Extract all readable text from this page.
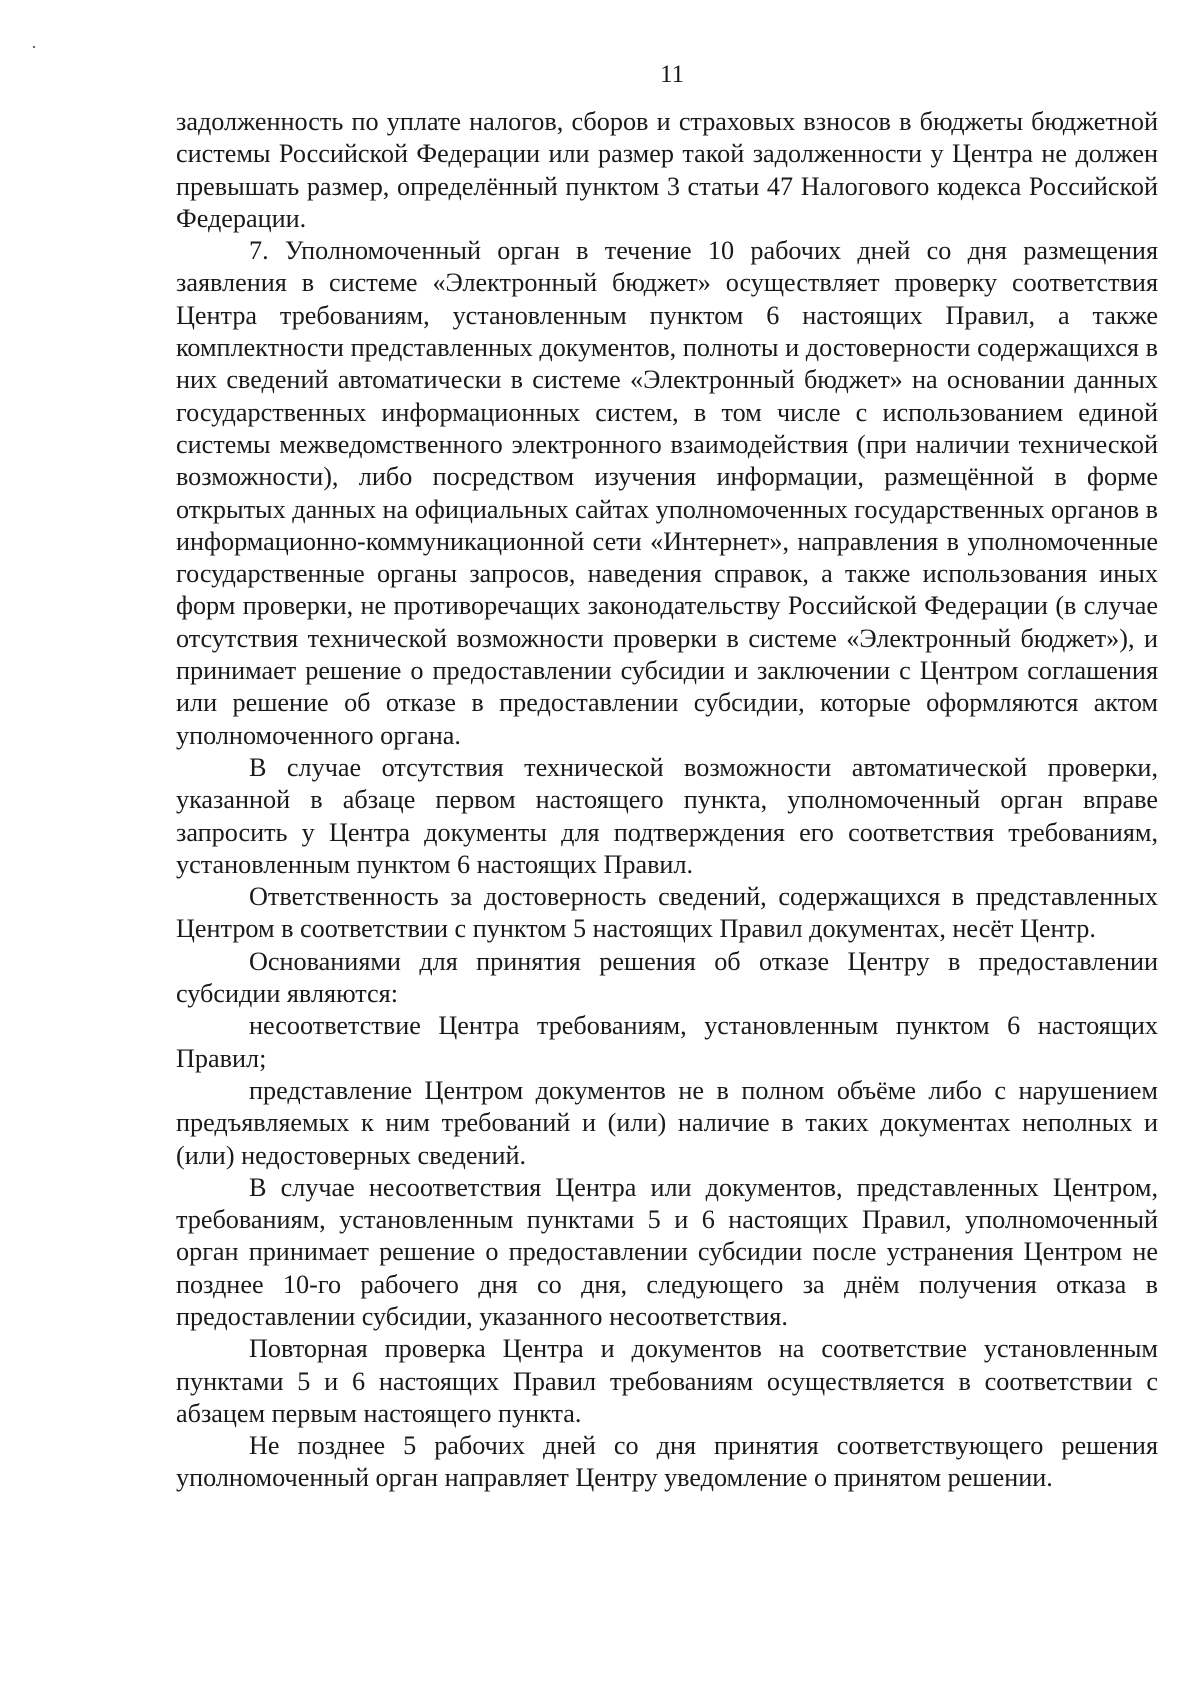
11

задолженность по уплате налогов, сборов и страховых взносов в бюджеты бюджетной системы Российской Федерации или размер такой задолженности у Центра не должен превышать размер, определённый пунктом 3 статьи 47 Налогового кодекса Российской Федерации.

7. Уполномоченный орган в течение 10 рабочих дней со дня размещения заявления в системе «Электронный бюджет» осуществляет проверку соответствия Центра требованиям, установленным пунктом 6 настоящих Правил, а также комплектности представленных документов, полноты и достоверности содержащихся в них сведений автоматически в системе «Электронный бюджет» на основании данных государственных информационных систем, в том числе с использованием единой системы межведомственного электронного взаимодействия (при наличии технической возможности), либо посредством изучения информации, размещённой в форме открытых данных на официальных сайтах уполномоченных государственных органов в информационно-коммуникационной сети «Интернет», направления в уполномоченные государственные органы запросов, наведения справок, а также использования иных форм проверки, не противоречащих законодательству Российской Федерации (в случае отсутствия технической возможности проверки в системе «Электронный бюджет»), и принимает решение о предоставлении субсидии и заключении с Центром соглашения или решение об отказе в предоставлении субсидии, которые оформляются актом уполномоченного органа.

В случае отсутствия технической возможности автоматической проверки, указанной в абзаце первом настоящего пункта, уполномоченный орган вправе запросить у Центра документы для подтверждения его соответствия требованиям, установленным пунктом 6 настоящих Правил.

Ответственность за достоверность сведений, содержащихся в представленных Центром в соответствии с пунктом 5 настоящих Правил документах, несёт Центр.

Основаниями для принятия решения об отказе Центру в предоставлении субсидии являются:

несоответствие Центра требованиям, установленным пунктом 6 настоящих Правил;

представление Центром документов не в полном объёме либо с нарушением предъявляемых к ним требований и (или) наличие в таких документах неполных и (или) недостоверных сведений.

В случае несоответствия Центра или документов, представленных Центром, требованиям, установленным пунктами 5 и 6 настоящих Правил, уполномоченный орган принимает решение о предоставлении субсидии после устранения Центром не позднее 10-го рабочего дня со дня, следующего за днём получения отказа в предоставлении субсидии, указанного несоответствия.

Повторная проверка Центра и документов на соответствие установленным пунктами 5 и 6 настоящих Правил требованиям осуществляется в соответствии с абзацем первым настоящего пункта.

Не позднее 5 рабочих дней со дня принятия соответствующего решения уполномоченный орган направляет Центру уведомление о принятом решении.
